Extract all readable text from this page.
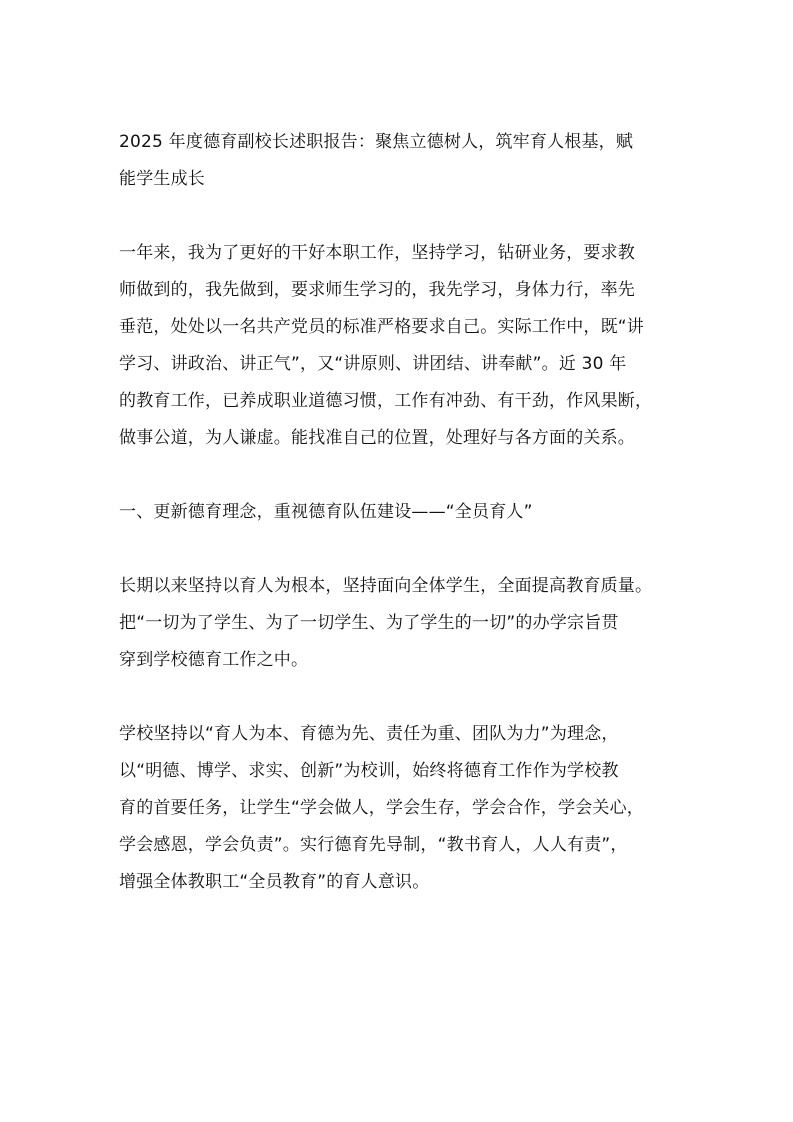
2025 年度德育副校长述职报告：聚焦立德树人，筑牢育人根基，赋
能学生成长
一年来，我为了更好的干好本职工作，坚持学习，钻研业务，要求教
师做到的，我先做到，要求师生学习的，我先学习，身体力行，率先
垂范，处处以一名共产党员的标准严格要求自己。实际工作中，既“讲
学习、讲政治、讲正气”，又“讲原则、讲团结、讲奉献”。近 30 年
的教育工作，已养成职业道德习惯，工作有冲劲、有干劲，作风果断，
做事公道，为人谦虚。能找准自己的位置，处理好与各方面的关系。
一、更新德育理念，重视德育队伍建设——“全员育人”
长期以来坚持以育人为根本，坚持面向全体学生，全面提高教育质量。
把“一切为了学生、为了一切学生、为了学生的一切”的办学宗旨贯
穿到学校德育工作之中。
学校坚持以“育人为本、育德为先、责任为重、团队为力”为理念，
以“明德、博学、求实、创新”为校训，始终将德育工作作为学校教
育的首要任务，让学生“学会做人，学会生存，学会合作，学会关心，
学会感恩，学会负责”。实行德育先导制，“教书育人，人人有责”，
增强全体教职工“全员教育”的育人意识。
